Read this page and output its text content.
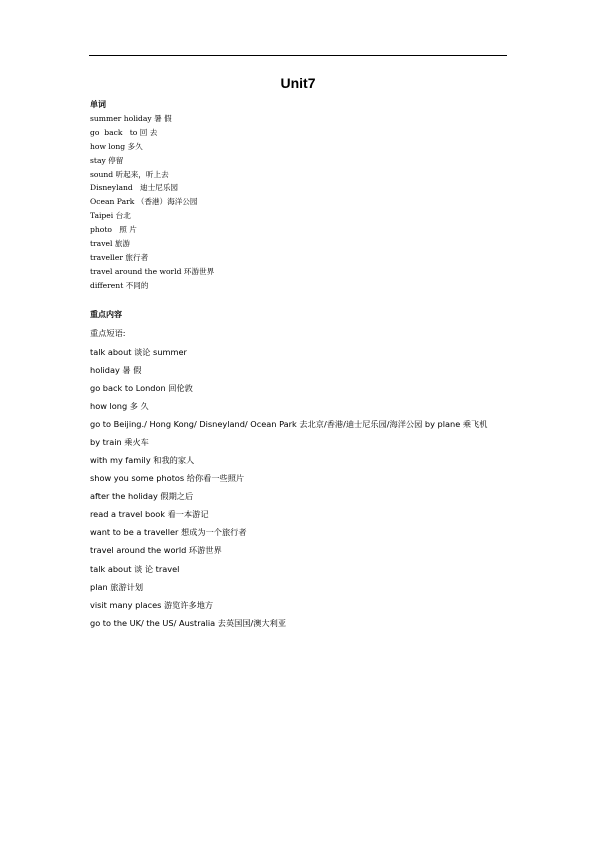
Unit7
单词
summer holiday 暑 假
go  back   to 回 去
how long 多久
stay 停留
sound 听起来，听上去
Disneyland   迪士尼乐园
Ocean Park （香港）海洋公园
Taipei 台北
photo   照 片
travel 旅游
traveller 旅行者
travel around the world 环游世界
different 不同的
重点内容
重点短语:
talk about 谈论 summer
holiday 暑 假
go back to London 回伦敦
how long 多 久
go to Beijing./ Hong Kong/ Disneyland/ Ocean Park 去北京/香港/迪士尼乐园/海洋公园 by plane 乘飞机
by train 乘火车
with my family 和我的家人
show you some photos 给你看一些照片
after the holiday 假期之后
read a travel book 看一本游记
want to be a traveller 想成为一个旅行者
travel around the world 环游世界
talk about 谈 论 travel
plan 旅游计划
visit many places 游览许多地方
go to the UK/ the US/ Australia 去英国国/澳大利亚
